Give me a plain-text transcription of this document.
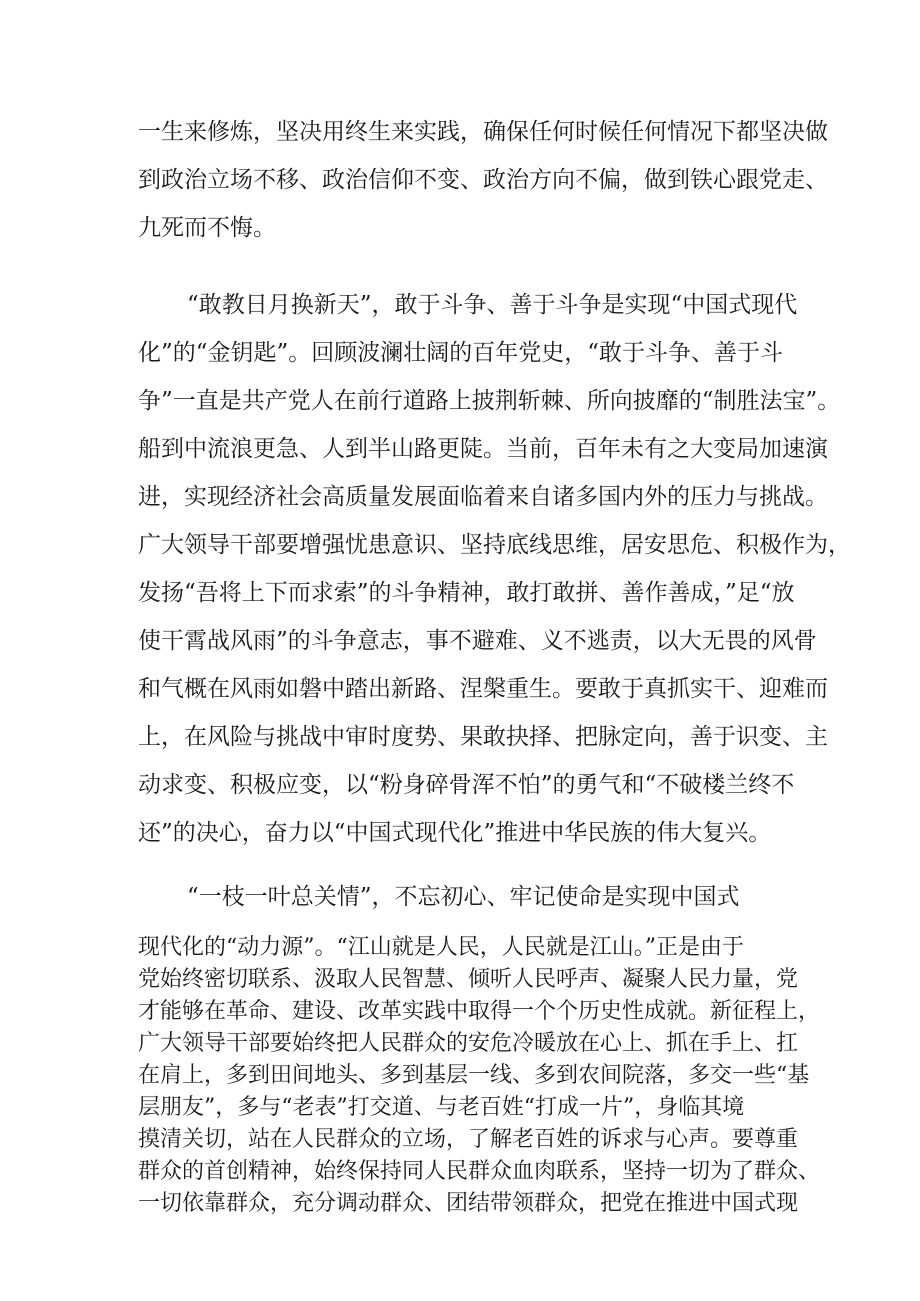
一生来修炼，坚决用终生来实践，确保任何时候任何情况下都坚决做
到政治立场不移、政治信仰不变、政治方向不偏，做到铁心跟党走、
九死而不悔。
“敢教日月换新天”，敢于斗争、善于斗争是实现“中国式现代
化”的“金钥匙”。回顾波澜壮阔的百年党史，“敢于斗争、善于斗
争”一直是共产党人在前行道路上披荆斩棘、所向披靡的“制胜法宝”。
船到中流浪更急、人到半山路更陡。当前，百年未有之大变局加速演
进，实现经济社会高质量发展面临着来自诸多国内外的压力与挑战。
广大领导干部要增强忧患意识、坚持底线思维，居安思危、积极作为，
发扬“吾将上下而求索”的斗争精神，敢打敢拼、善作善成，”足“放
使干霄战风雨”的斗争意志，事不避难、义不逃责，以大无畏的风骨
和气概在风雨如磐中踏出新路、涅槃重生。要敢于真抓实干、迎难而
上，在风险与挑战中审时度势、果敢抉择、把脉定向，善于识变、主
动求变、积极应变，以“粉身碎骨浑不怕”的勇气和“不破楼兰终不
还”的决心，奋力以“中国式现代化”推进中华民族的伟大复兴。
“一枝一叶总关情”，不忘初心、牢记使命是实现中国式
现代化的“动力源”。“江山就是人民，人民就是江山。”正是由于
党始终密切联系、汲取人民智慧、倾听人民呼声、凝聚人民力量，党
才能够在革命、建设、改革实践中取得一个个历史性成就。新征程上，
广大领导干部要始终把人民群众的安危冷暖放在心上、抓在手上、扛
在肩上，多到田间地头、多到基层一线、多到农间院落，多交一些“基
层朋友”，多与“老表”打交道、与老百姓“打成一片”，身临其境
摸清关切，站在人民群众的立场，了解老百姓的诉求与心声。要尊重
群众的首创精神，始终保持同人民群众血肉联系，坚持一切为了群众、
一切依靠群众，充分调动群众、团结带领群众，把党在推进中国式现
